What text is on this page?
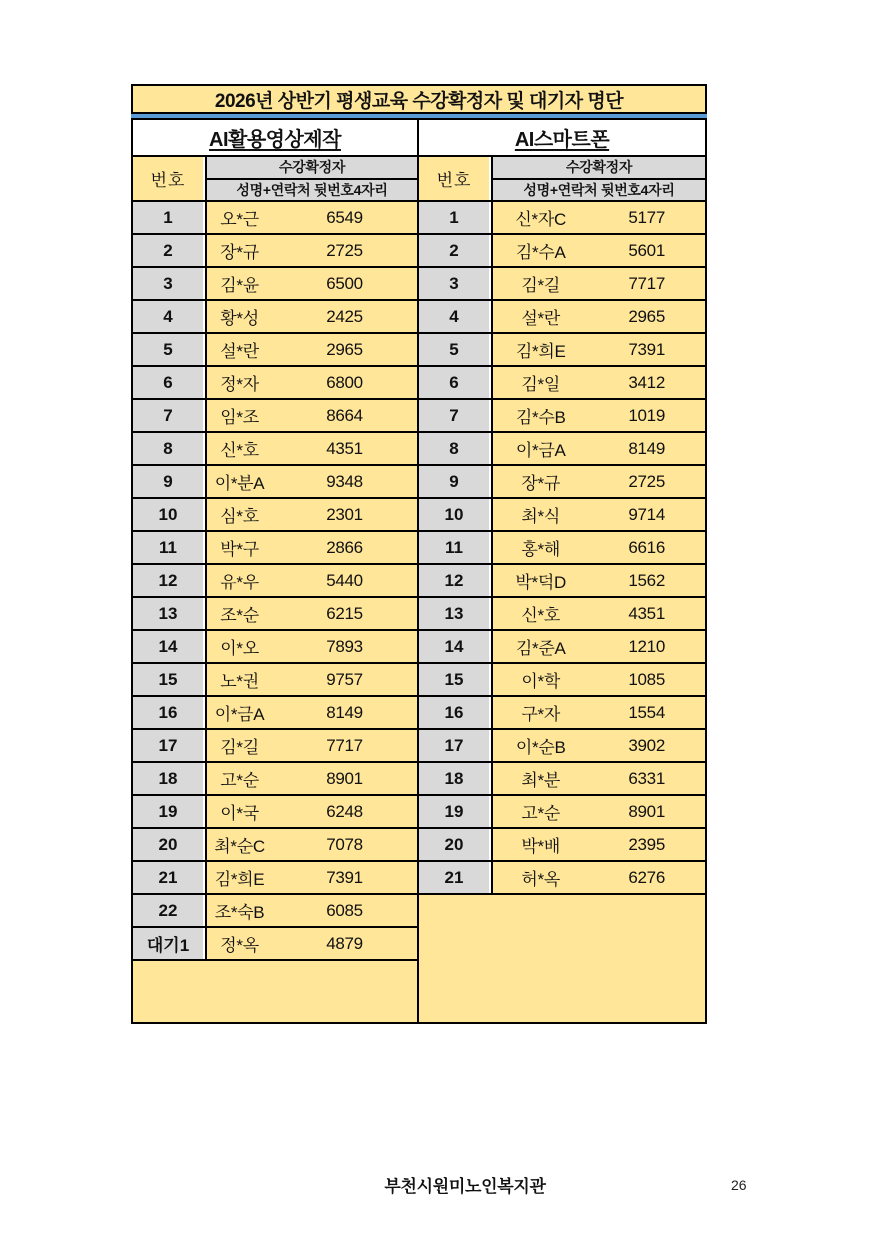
2026년 상반기 평생교육 수강확정자 및 대기자 명단
AI활용영상제작
번호
수강확정자
성명+연락처 뒷번호4자리
1	오*근	6549
2	장*규	2725
3	김*윤	6500
4	황*성	2425
5	설*란	2965
6	정*자	6800
7	임*조	8664
8	신*호	4351
9	이*분A	9348
10	심*호	2301
11	박*구	2866
12	유*우	5440
13	조*순	6215
14	이*오	7893
15	노*권	9757
16	이*금A	8149
17	김*길	7717
18	고*순	8901
19	이*국	6248
20	최*순C	7078
21	김*희E	7391
22	조*숙B	6085
대기1	정*옥	4879
AI스마트폰
번호
수강확정자
성명+연락처 뒷번호4자리
1	신*자C	5177
2	김*수A	5601
3	김*길	7717
4	설*란	2965
5	김*희E	7391
6	김*일	3412
7	김*수B	1019
8	이*금A	8149
9	장*규	2725
10	최*식	9714
11	홍*해	6616
12	박*덕D	1562
13	신*호	4351
14	김*준A	1210
15	이*학	1085
16	구*자	1554
17	이*순B	3902
18	최*분	6331
19	고*순	8901
20	박*배	2395
21	허*옥	6276
부천시원미노인복지관	26
